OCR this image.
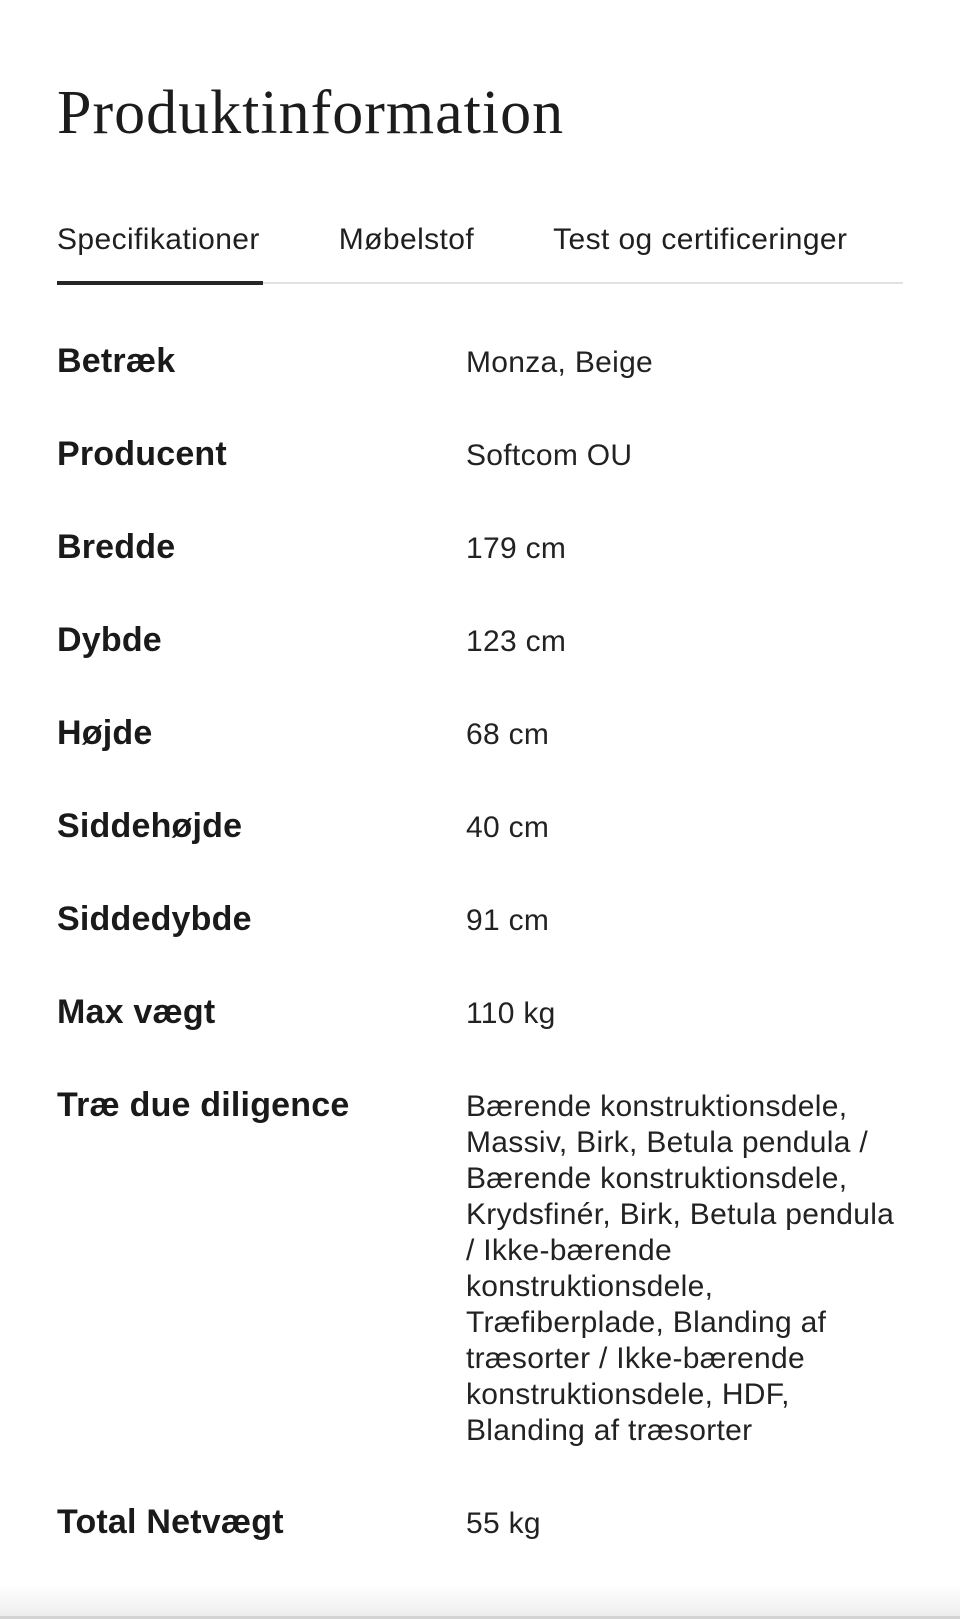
Produktinformation
Specifikationer	Møbelstof	Test og certificeringer
Betræk	Monza, Beige
Producent	Softcom OU
Bredde	179 cm
Dybde	123 cm
Højde	68 cm
Siddehøjde	40 cm
Siddedybde	91 cm
Max vægt	110 kg
Træ due diligence	Bærende konstruktionsdele, Massiv, Birk, Betula pendula / Bærende konstruktionsdele, Krydsfinér, Birk, Betula pendula / Ikke-bærende konstruktionsdele, Træfiberplade, Blanding af træsorter / Ikke-bærende konstruktionsdele, HDF, Blanding af træsorter
Total Netvægt	55 kg
